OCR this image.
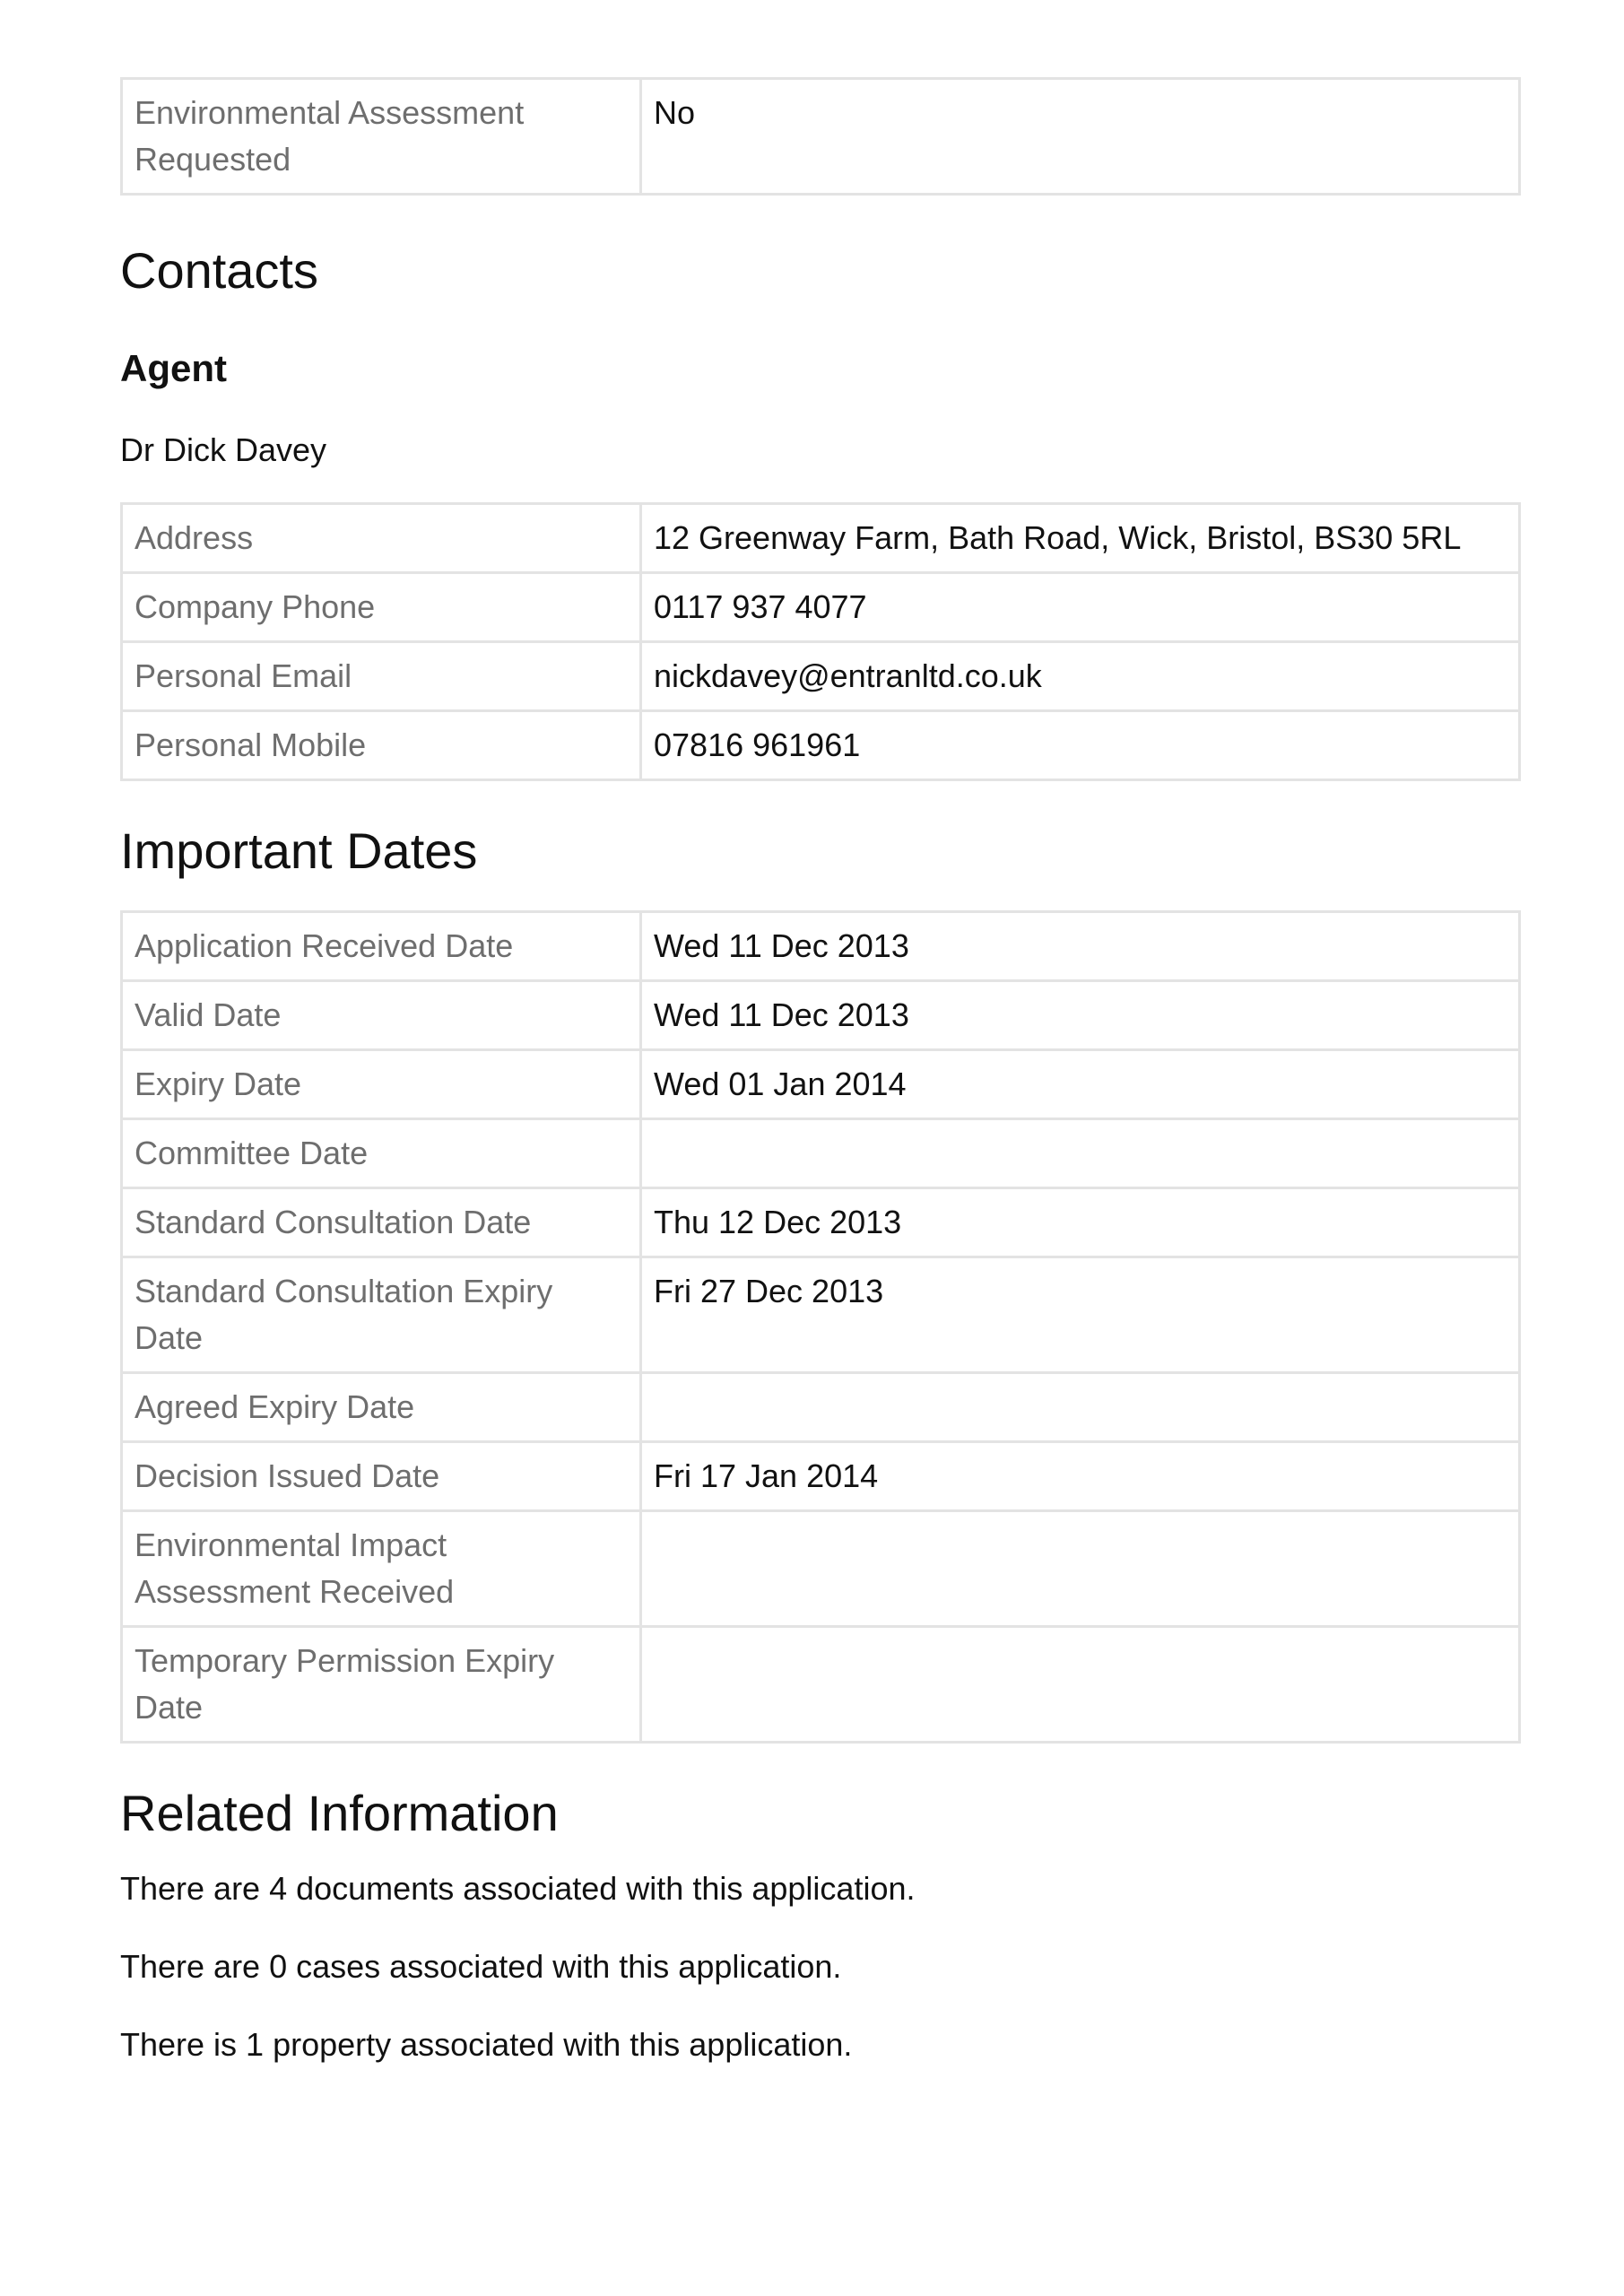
Environmental Assessment Requested	No
Contacts
Agent

Dr Dick Davey

Address	12 Greenway Farm, Bath Road, Wick, Bristol, BS30 5RL
Company Phone	0117 937 4077
Personal Email	nickdavey@entranltd.co.uk
Personal Mobile	07816 961961
Important Dates
Application Received Date	Wed 11 Dec 2013
Valid Date	Wed 11 Dec 2013
Expiry Date	Wed 01 Jan 2014
Committee Date	
Standard Consultation Date	Thu 12 Dec 2013
Standard Consultation Expiry Date	Fri 27 Dec 2013
Agreed Expiry Date	
Decision Issued Date	Fri 17 Jan 2014
Environmental Impact Assessment Received	
Temporary Permission Expiry Date	
Related Information

There are 4 documents associated with this application.

There are 0 cases associated with this application.

There is 1 property associated with this application.
